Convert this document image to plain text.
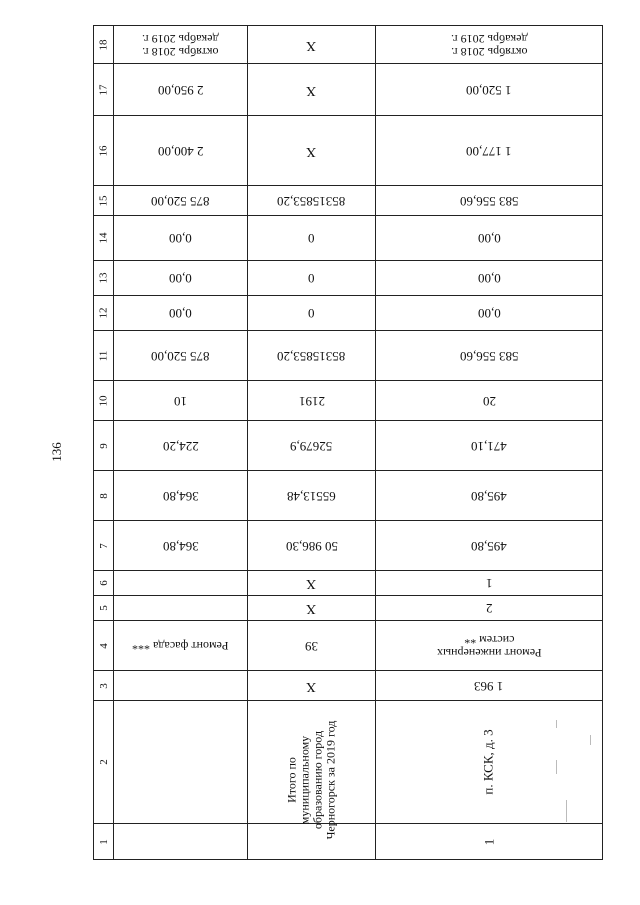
136
18
17
16
15
14
13
12
11
10
9
8
7
6
5
4
3
2
1
октябрь 2018 г.
декабрь 2019 г.
2 950,00
2 400,00
875 520,00
0,00
0,00
0,00
875 520,00
10
224,20
364,80
364,80
Ремонт фасада ***
X
X
X
85315853,20
0
0
0
85315853,20
2191
52679,9
65513,48
50 986,30
X
X
39
X
Итого по муниципальному
образованию город
Черногорск за 2019 год
октябрь 2018 г.
декабрь 2019 г.
1 520,00
1 177,00
583 556,60
0,00
0,00
0,00
583 556,60
20
471,10
495,80
495,80
1
2
Ремонт инженерных
систем **
1 963
п. КСК, д. 3
1
